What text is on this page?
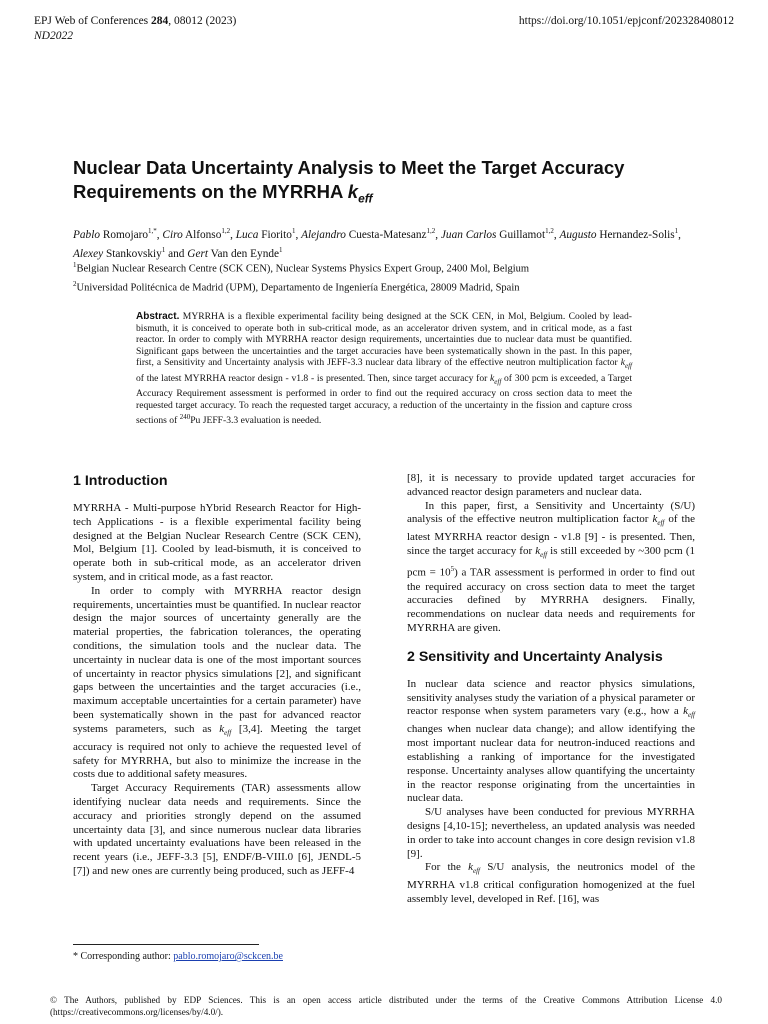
EPJ Web of Conferences 284, 08012 (2023)	https://doi.org/10.1051/epjconf/202328408012
ND2022
Nuclear Data Uncertainty Analysis to Meet the Target Accuracy Requirements on the MYRRHA $k_{eff}$
Pablo Romojaro$^{1,*}$, Ciro Alfonso$^{1,2}$, Luca Fiorito$^1$, Alejandro Cuesta-Matesanz$^{1,2}$, Juan Carlos Guillamot$^{1,2}$, Augusto Hernandez-Solis$^1$, Alexey Stankovskiy$^1$ and Gert Van den Eynde$^1$
$^1$Belgian Nuclear Research Centre (SCK CEN), Nuclear Systems Physics Expert Group, 2400 Mol, Belgium
$^2$Universidad Politécnica de Madrid (UPM), Departamento de Ingeniería Energética, 28009 Madrid, Spain
Abstract. MYRRHA is a flexible experimental facility being designed at the SCK CEN, in Mol, Belgium. Cooled by lead-bismuth, it is conceived to operate both in sub-critical mode, as an accelerator driven system, and in critical mode, as a fast reactor. In order to comply with MYRRHA reactor design requirements, uncertainties due to nuclear data must be quantified. Significant gaps between the uncertainties and the target accuracies have been systematically shown in the past. In this paper, first, a Sensitivity and Uncertainty analysis with JEFF-3.3 nuclear data library of the effective neutron multiplication factor $k_{eff}$ of the latest MYRRHA reactor design - v1.8 - is presented. Then, since target accuracy for $k_{eff}$ of 300 pcm is exceeded, a Target Accuracy Requirement assessment is performed in order to find out the required accuracy on cross section data to meet the requested target accuracy. To reach the requested target accuracy, a reduction of the uncertainty in the fission and capture cross sections of $^{240}$Pu JEFF-3.3 evaluation is needed.
1 Introduction

MYRRHA - Multi-purpose hYbrid Research Reactor for High-tech Applications - is a flexible experimental facility being designed at the Belgian Nuclear Research Centre (SCK CEN), Mol, Belgium [1]. Cooled by lead-bismuth, it is conceived to operate both in sub-critical mode, as an accelerator driven system, and in critical mode, as a fast reactor.

In order to comply with MYRRHA reactor design requirements, uncertainties must be quantified. In nuclear reactor design the major sources of uncertainty generally are the material properties, the fabrication tolerances, the operating conditions, the simulation tools and the nuclear data. The uncertainty in nuclear data is one of the most important sources of uncertainty in reactor physics simulations [2], and significant gaps between the uncertainties and the target accuracies (i.e., maximum acceptable uncertainties for a certain parameter) have been systematically shown in the past for advanced reactor systems parameters, such as $k_{eff}$ [3,4]. Meeting the target accuracy is required not only to achieve the requested level of safety for MYRRHA, but also to minimize the increase in the costs due to additional safety measures.

Target Accuracy Requirements (TAR) assessments allow identifying nuclear data needs and requirements. Since the accuracy and priorities strongly depend on the assumed uncertainty data [3], and since numerous nuclear data libraries with updated uncertainty evaluations have been released in the recent years (i.e., JEFF-3.3 [5], ENDF/B-VIII.0 [6], JENDL-5 [7]) and new ones are currently being produced, such as JEFF-4

[8], it is necessary to provide updated target accuracies for advanced reactor design parameters and nuclear data.

In this paper, first, a Sensitivity and Uncertainty (S/U) analysis of the effective neutron multiplication factor $k_{eff}$ of the latest MYRRHA reactor design - v1.8 [9] - is presented. Then, since the target accuracy for $k_{eff}$ is still exceeded by ~300 pcm (1 pcm = $10^5$) a TAR assessment is performed in order to find out the required accuracy on cross section data to meet the target accuracies defined by MYRRHA designers. Finally, recommendations on nuclear data needs and requirements for MYRRHA are given.

2 Sensitivity and Uncertainty Analysis

In nuclear data science and reactor physics simulations, sensitivity analyses study the variation of a physical parameter or reactor response when system parameters vary (e.g., how a $k_{eff}$ changes when nuclear data change); and allow identifying the most important nuclear data for neutron-induced reactions and establishing a ranking of importance for the investigated response. Uncertainty analyses allow quantifying the uncertainty in the reactor response originating from the uncertainties in nuclear data.

S/U analyses have been conducted for previous MYRRHA designs [4,10-15]; nevertheless, an updated analysis was needed in order to take into account changes in core design revision v1.8 [9].

For the $k_{eff}$ S/U analysis, the neutronics model of the MYRRHA v1.8 critical configuration homogenized at the fuel assembly level, developed in Ref. [16], was

* Corresponding author: pablo.romojaro@sckcen.be
© The Authors, published by EDP Sciences. This is an open access article distributed under the terms of the Creative Commons Attribution License 4.0 (https://creativecommons.org/licenses/by/4.0/).
